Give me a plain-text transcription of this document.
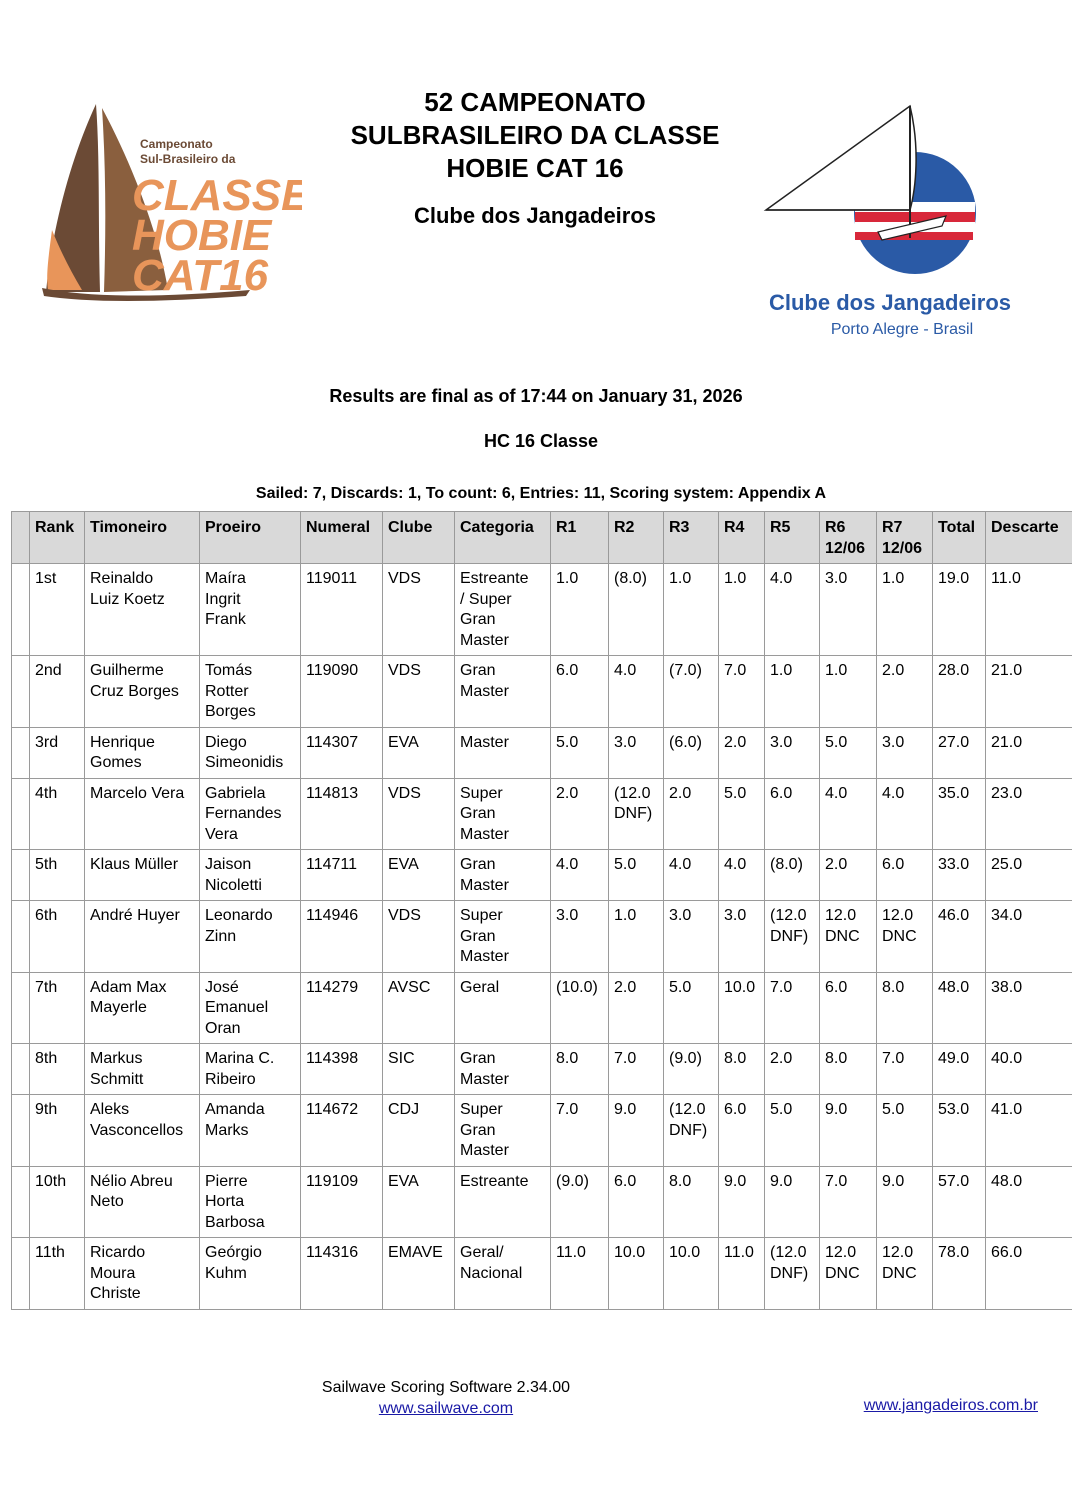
Campeonato
Sul-Brasileiro da
CLASSE
HOBIE
CAT16
52 CAMPEONATO
SULBRASILEIRO DA CLASSE
HOBIE CAT 16
Clube dos Jangadeiros
Clube dos Jangadeiros
Porto Alegre - Brasil
Results are final as of 17:44 on January 31, 2026
HC 16 Classe
Sailed: 7, Discards: 1, To count: 6, Entries: 11, Scoring system: Appendix A
	Rank	Timoneiro	Proeiro	Numeral	Clube	Categoria	R1	R2	R3	R4	R5	R6
12/06	R7
12/06	Total	Descarte
	1st	Reinaldo
Luiz Koetz	Maíra
Ingrit
Frank	119011	VDS	Estreante
/ Super
Gran
Master	1.0	(8.0)	1.0	1.0	4.0	3.0	1.0	19.0	11.0
	2nd	Guilherme
Cruz Borges	Tomás
Rotter
Borges	119090	VDS	Gran
Master	6.0	4.0	(7.0)	7.0	1.0	1.0	2.0	28.0	21.0
	3rd	Henrique
Gomes	Diego
Simeonidis	114307	EVA	Master	5.0	3.0	(6.0)	2.0	3.0	5.0	3.0	27.0	21.0
	4th	Marcelo Vera	Gabriela
Fernandes
Vera	114813	VDS	Super
Gran
Master	2.0	(12.0
DNF)	2.0	5.0	6.0	4.0	4.0	35.0	23.0
	5th	Klaus Müller	Jaison
Nicoletti	114711	EVA	Gran
Master	4.0	5.0	4.0	4.0	(8.0)	2.0	6.0	33.0	25.0
	6th	André Huyer	Leonardo
Zinn	114946	VDS	Super
Gran
Master	3.0	1.0	3.0	3.0	(12.0
DNF)	12.0
DNC	12.0
DNC	46.0	34.0
	7th	Adam Max
Mayerle	José
Emanuel
Oran	114279	AVSC	Geral	(10.0)	2.0	5.0	10.0	7.0	6.0	8.0	48.0	38.0
	8th	Markus
Schmitt	Marina C.
Ribeiro	114398	SIC	Gran
Master	8.0	7.0	(9.0)	8.0	2.0	8.0	7.0	49.0	40.0
	9th	Aleks
Vasconcellos	Amanda
Marks	114672	CDJ	Super
Gran
Master	7.0	9.0	(12.0
DNF)	6.0	5.0	9.0	5.0	53.0	41.0
	10th	Nélio Abreu
Neto	Pierre
Horta
Barbosa	119109	EVA	Estreante	(9.0)	6.0	8.0	9.0	9.0	7.0	9.0	57.0	48.0
	11th	Ricardo
Moura
Christe	Geórgio
Kuhm	114316	EMAVE	Geral/
Nacional	11.0	10.0	10.0	11.0	(12.0
DNF)	12.0
DNC	12.0
DNC	78.0	66.0
Sailwave Scoring Software 2.34.00
www.sailwave.com	www.jangadeiros.com.br
